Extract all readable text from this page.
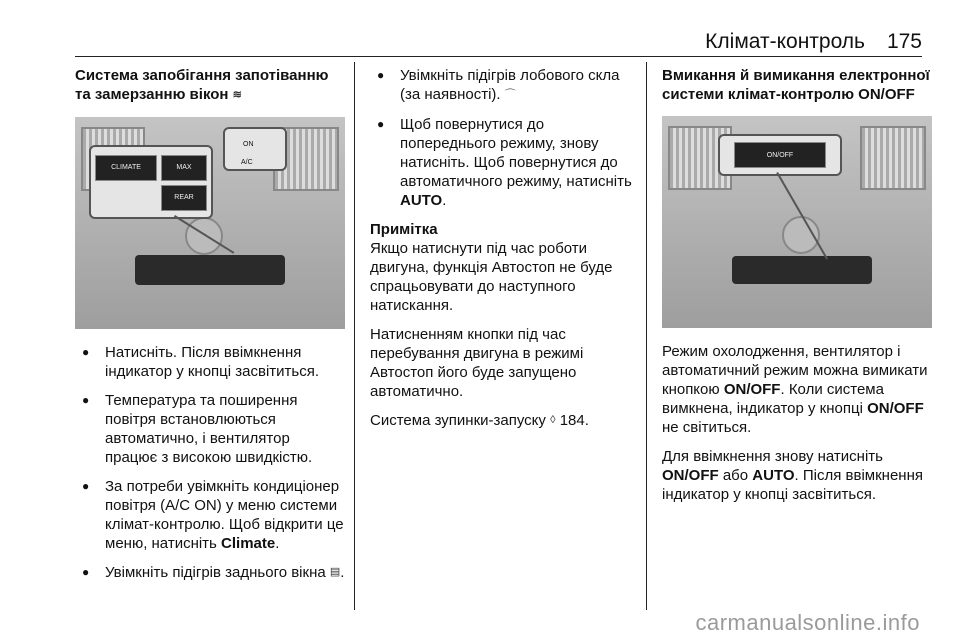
Клімат-контроль 175
Система запобігання запотіванню та замерзанню вікон ≋
CLIMATE	MAX
REAR
ON
A/C
● Натисніть. Після ввімкнення індикатор у кнопці засвітиться.
● Температура та поширення повітря встановлюються автоматично, і вентилятор працює з високою швидкістю.
● За потреби увімкніть кондиціонер повітря (A/C ON) у меню системи клімат-контролю. Щоб відкрити це меню, натисніть Climate.
● Увімкніть підігрів заднього вікна ▤.
● Увімкніть підігрів лобового скла (за наявності). ⌒
● Щоб повернутися до попереднього режиму, знову натисніть. Щоб повернутися до автоматичного режиму, натисніть AUTO.
Примітка

Якщо натиснути під час роботи двигуна, функція Автостоп не буде спрацьовувати до наступного натискання.

Натисненням кнопки під час перебування двигуна в режимі Автостоп його буде запущено автоматично.

Система зупинки-запуску ◊ 184.

Вмикання й вимикання електронної системи клімат-контролю ON/OFF
ON/OFF

Режим охолодження, вентилятор і автоматичний режим можна вимикати кнопкою ON/OFF. Коли система вимкнена, індикатор у кнопці ON/OFF не світиться.

Для ввімкнення знову натисніть ON/OFF або AUTO. Після ввімкнення індикатор у кнопці засвітиться.

carmanualsonline.info
